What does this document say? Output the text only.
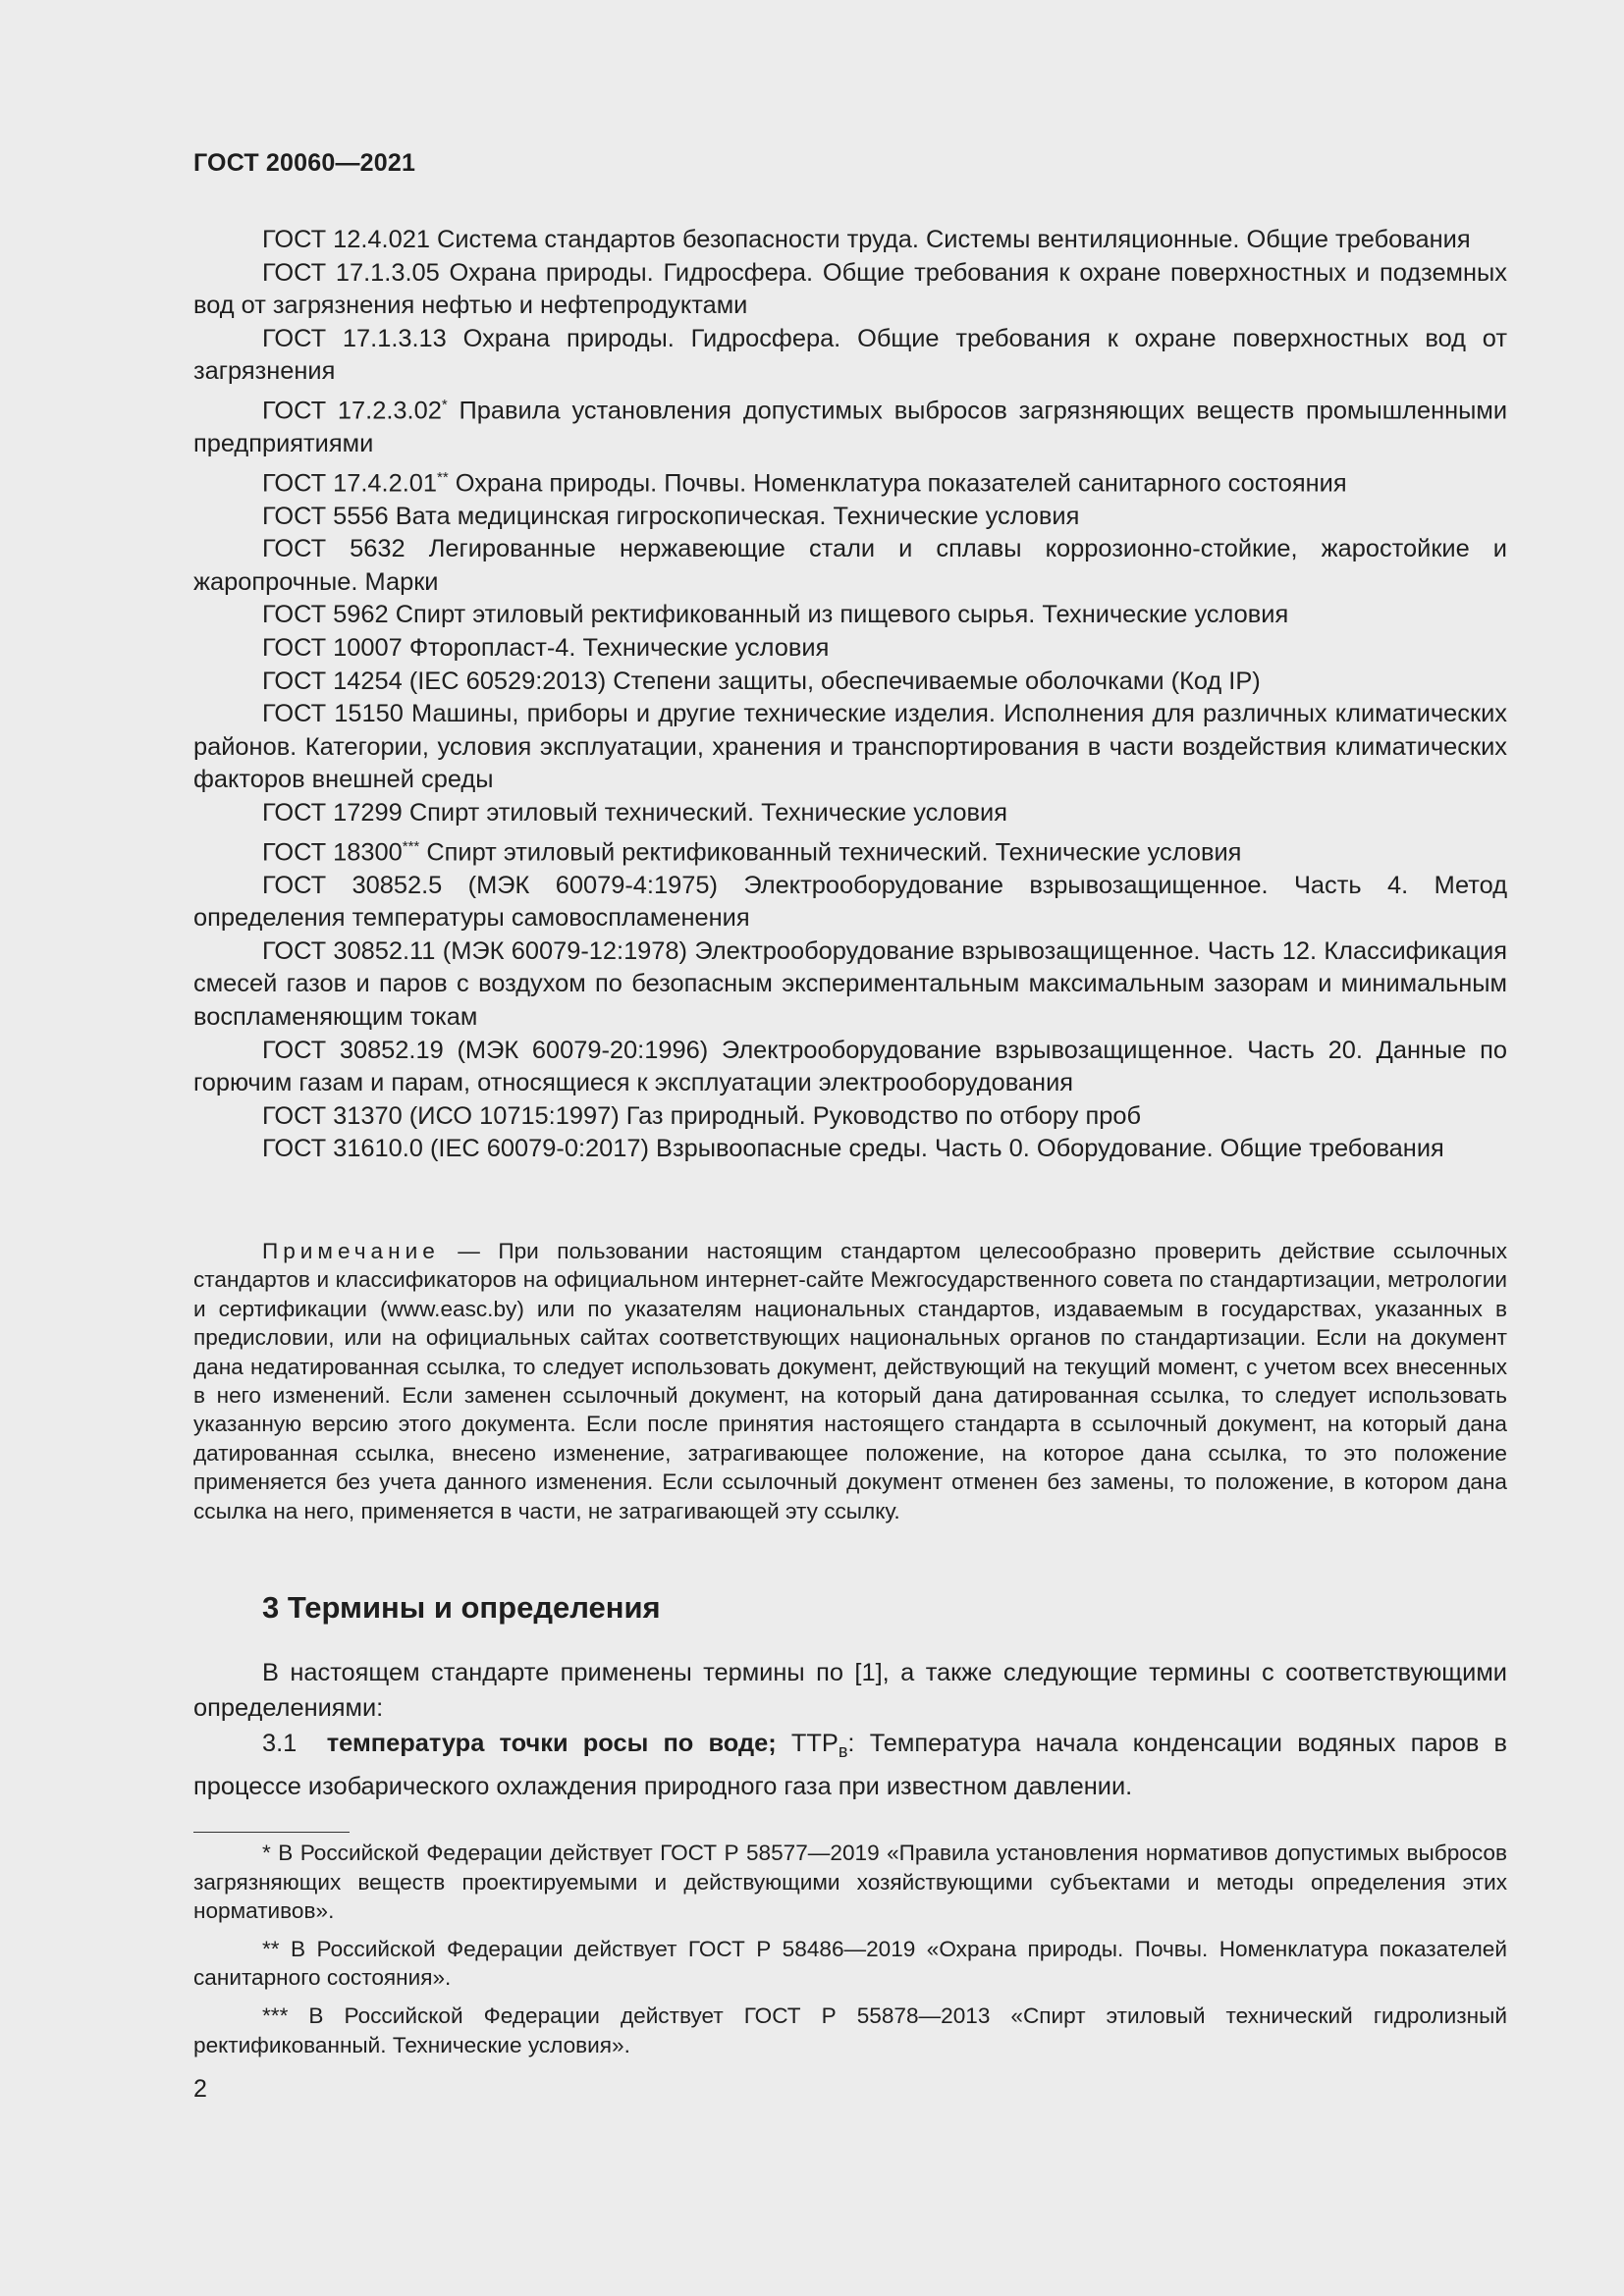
ГОСТ 20060—2021

ГОСТ 12.4.021 Система стандартов безопасности труда. Системы вентиляционные. Общие требования

ГОСТ 17.1.3.05 Охрана природы. Гидросфера. Общие требования к охране поверхностных и подземных вод от загрязнения нефтью и нефтепродуктами

ГОСТ 17.1.3.13 Охрана природы. Гидросфера. Общие требования к охране поверхностных вод от загрязнения

ГОСТ 17.2.3.02* Правила установления допустимых выбросов загрязняющих веществ промышленными предприятиями

ГОСТ 17.4.2.01** Охрана природы. Почвы. Номенклатура показателей санитарного состояния

ГОСТ 5556 Вата медицинская гигроскопическая. Технические условия

ГОСТ 5632 Легированные нержавеющие стали и сплавы коррозионно-стойкие, жаростойкие и жаропрочные. Марки

ГОСТ 5962 Спирт этиловый ректификованный из пищевого сырья. Технические условия

ГОСТ 10007 Фторопласт-4. Технические условия

ГОСТ 14254 (IEC 60529:2013) Степени защиты, обеспечиваемые оболочками (Код IP)

ГОСТ 15150 Машины, приборы и другие технические изделия. Исполнения для различных климатических районов. Категории, условия эксплуатации, хранения и транспортирования в части воздействия климатических факторов внешней среды

ГОСТ 17299 Спирт этиловый технический. Технические условия

ГОСТ 18300*** Спирт этиловый ректификованный технический. Технические условия

ГОСТ 30852.5 (МЭК 60079-4:1975) Электрооборудование взрывозащищенное. Часть 4. Метод определения температуры самовоспламенения

ГОСТ 30852.11 (МЭК 60079-12:1978) Электрооборудование взрывозащищенное. Часть 12. Классификация смесей газов и паров с воздухом по безопасным экспериментальным максимальным зазорам и минимальным воспламеняющим токам

ГОСТ 30852.19 (МЭК 60079-20:1996) Электрооборудование взрывозащищенное. Часть 20. Данные по горючим газам и парам, относящиеся к эксплуатации электрооборудования

ГОСТ 31370 (ИСО 10715:1997) Газ природный. Руководство по отбору проб

ГОСТ 31610.0 (IEC 60079-0:2017) Взрывоопасные среды. Часть 0. Оборудование. Общие требования

Примечание — При пользовании настоящим стандартом целесообразно проверить действие ссылочных стандартов и классификаторов на официальном интернет-сайте Межгосударственного совета по стандартизации, метрологии и сертификации (www.easc.by) или по указателям национальных стандартов, издаваемым в государствах, указанных в предисловии, или на официальных сайтах соответствующих национальных органов по стандартизации. Если на документ дана недатированная ссылка, то следует использовать документ, действующий на текущий момент, с учетом всех внесенных в него изменений. Если заменен ссылочный документ, на который дана датированная ссылка, то следует использовать указанную версию этого документа. Если после принятия настоящего стандарта в ссылочный документ, на который дана датированная ссылка, внесено изменение, затрагивающее положение, на которое дана ссылка, то это положение применяется без учета данного изменения. Если ссылочный документ отменен без замены, то положение, в котором дана ссылка на него, применяется в части, не затрагивающей эту ссылку.
3 Термины и определения

В настоящем стандарте применены термины по [1], а также следующие термины с соответствующими определениями:

3.1 температура точки росы по воде; $ТТР_в$: Температура начала конденсации водяных паров в процессе изобарического охлаждения природного газа при известном давлении.

* В Российской Федерации действует ГОСТ Р 58577—2019 «Правила установления нормативов допустимых выбросов загрязняющих веществ проектируемыми и действующими хозяйствующими субъектами и методы определения этих нормативов».

** В Российской Федерации действует ГОСТ Р 58486—2019 «Охрана природы. Почвы. Номенклатура показателей санитарного состояния».

*** В Российской Федерации действует ГОСТ Р 55878—2013 «Спирт этиловый технический гидролизный ректификованный. Технические условия».

2
